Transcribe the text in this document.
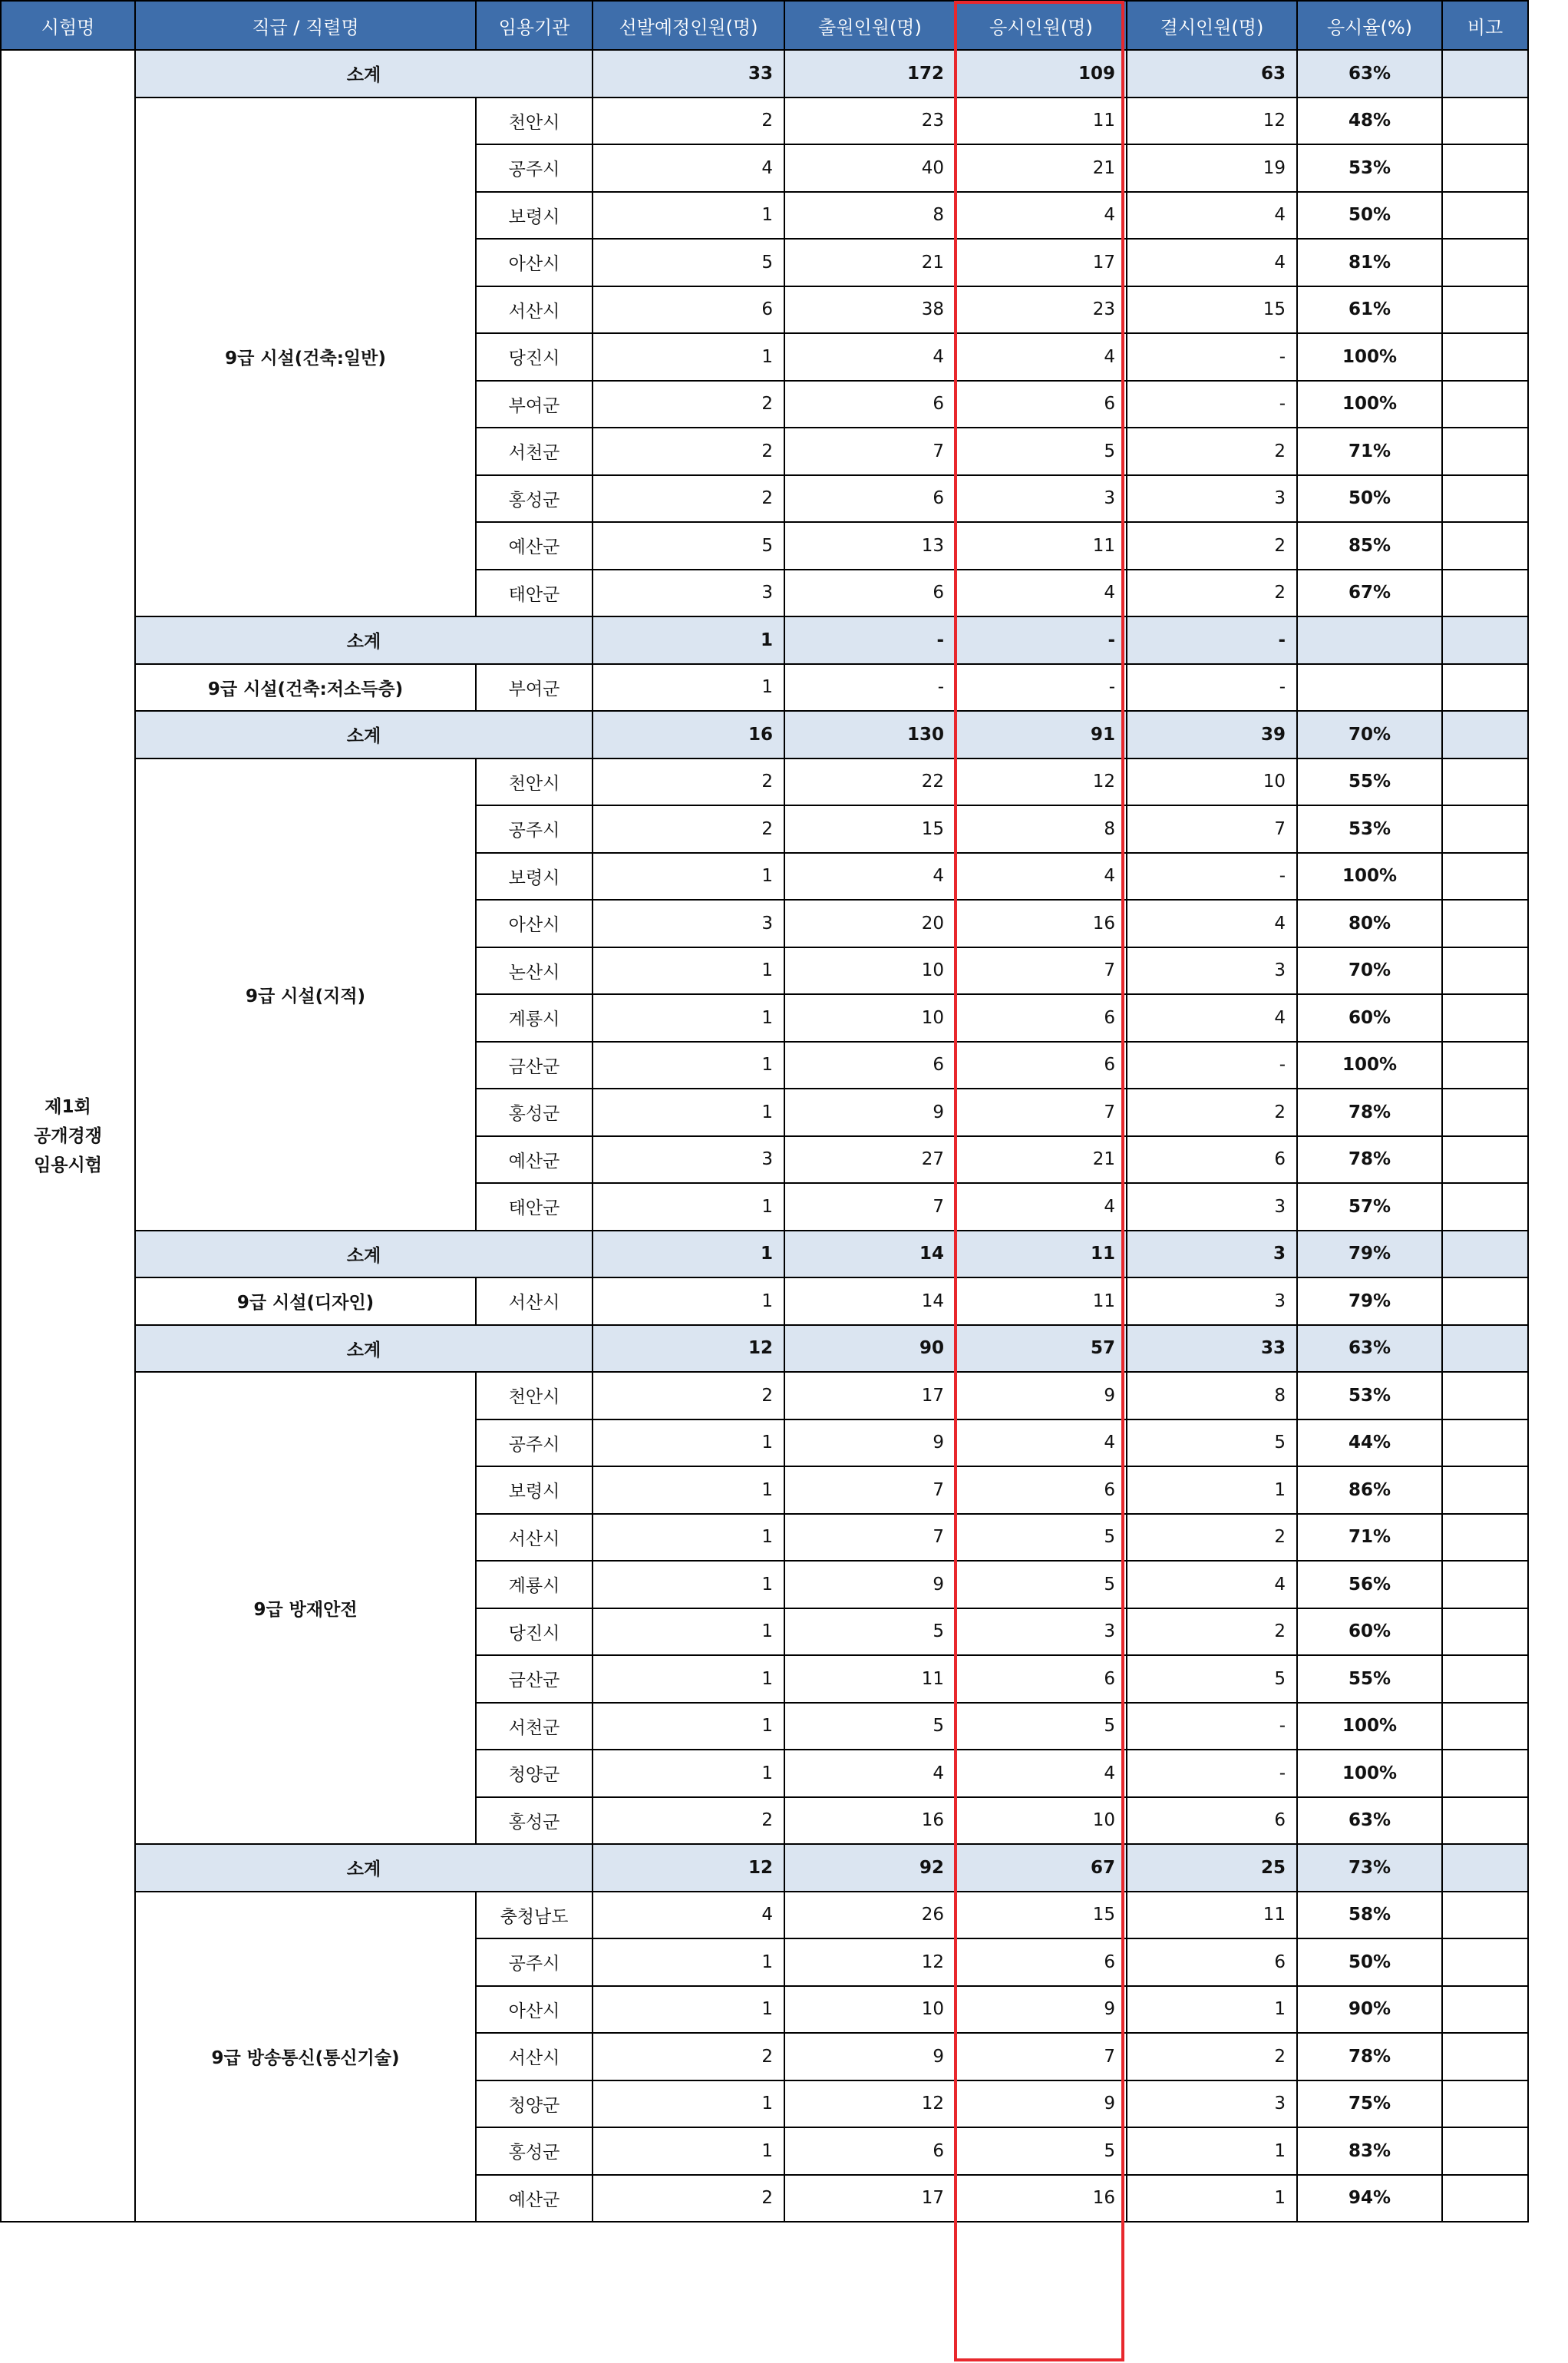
시험명	직급 / 직렬명	임용기관	선발예정인원(명)	출원인원(명)	응시인원(명)	결시인원(명)	응시율(%)	비고

제1회
공개경쟁
임용시험	소계		33	172	109	63	63%	
	9급 시설(건축:일반)	천안시	2	23	11	12	48%	
		공주시	4	40	21	19	53%	
		보령시	1	8	4	4	50%	
		아산시	5	21	17	4	81%	
		서산시	6	38	23	15	61%	
		당진시	1	4	4	-	100%	
		부여군	2	6	6	-	100%	
		서천군	2	7	5	2	71%	
		홍성군	2	6	3	3	50%	
		예산군	5	13	11	2	85%	
		태안군	3	6	4	2	67%	
	소계		1	-	-	-		
	9급 시설(건축:저소득층)	부여군	1	-	-	-		
	소계		16	130	91	39	70%	
	9급 시설(지적)	천안시	2	22	12	10	55%	
		공주시	2	15	8	7	53%	
		보령시	1	4	4	-	100%	
		아산시	3	20	16	4	80%	
		논산시	1	10	7	3	70%	
		계룡시	1	10	6	4	60%	
		금산군	1	6	6	-	100%	
		홍성군	1	9	7	2	78%	
		예산군	3	27	21	6	78%	
		태안군	1	7	4	3	57%	
	소계		1	14	11	3	79%	
	9급 시설(디자인)	서산시	1	14	11	3	79%	
	소계		12	90	57	33	63%	
	9급 방재안전	천안시	2	17	9	8	53%	
		공주시	1	9	4	5	44%	
		보령시	1	7	6	1	86%	
		서산시	1	7	5	2	71%	
		계룡시	1	9	5	4	56%	
		당진시	1	5	3	2	60%	
		금산군	1	11	6	5	55%	
		서천군	1	5	5	-	100%	
		청양군	1	4	4	-	100%	
		홍성군	2	16	10	6	63%	
	소계		12	92	67	25	73%	
	9급 방송통신(통신기술)	충청남도	4	26	15	11	58%	
		공주시	1	12	6	6	50%	
		아산시	1	10	9	1	90%	
		서산시	2	9	7	2	78%	
		청양군	1	12	9	3	75%	
		홍성군	1	6	5	1	83%	
		예산군	2	17	16	1	94%	
